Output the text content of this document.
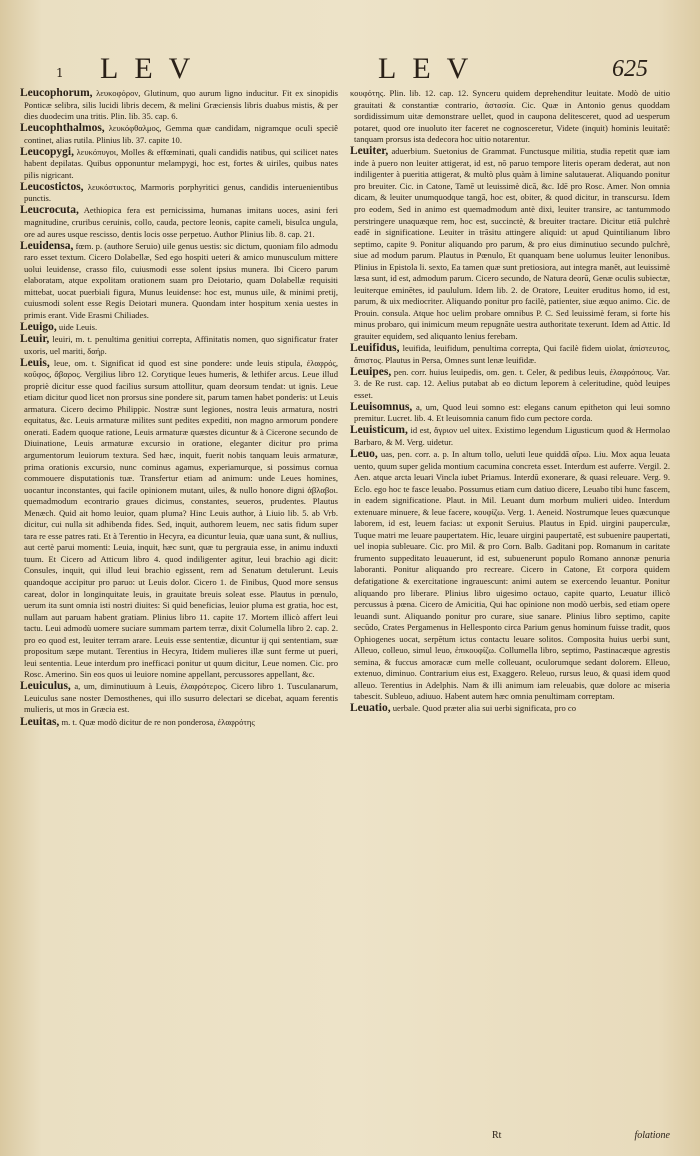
1 LEV	LEV	625

Leucophorum, λευκοφόρον, Glutinum, quo aurum ligno inducitur. Fit ex sinopidis Ponticæ selibra, silis lucidi libris decem, & melini Græciensis libris duabus mistis, & per dies duodecim una tritis. Plin. lib. 35. cap. 6.

Leucophthalmos, λευκόφθαλμος, Gemma quæ candidam, nigramque oculi speciê continet, alias rutila. Plinius lib. 37. capite 10.

Leucopygi, λευκόπυγοι, Molles & effœminati, quali candidis natibus, qui scilicet nates habent depilatas. Quibus opponuntur melampygi, hoc est, fortes & uiriles, quibus nates pilis nigricant.

Leucostictos, λευκόστικτος, Marmoris porphyritici genus, candidis interuenientibus punctis.

Leucrocuta, Aethiopica fera est pernicissima, humanas imitans uoces, asini feri magnitudine, cruribus ceruinis, collo, cauda, pectore leonis, capite cameli, bisulca ungula, ore ad aures usque rescisso, dentis locis osse perpetuo. Author Plinius lib. 8. cap. 21.

Leuidensa, fœm. p. (authore Seruio) uile genus uestis: sic dictum, quoniam filo admodu raro esset textum. Cicero Dolabellæ, Sed ego hospiti ueteri & amico munusculum mittere uolui leuidense, crasso filo, cuiusmodi esse solent ipsius munera. Ibi Cicero parum elaboratam, atque expolitam orationem suam pro Deiotario, quam Dolabellæ requisiti mittebat, uocat puerbiali figura, Munus leuidense: hoc est, munus uile, & minimi pretij, cuiusmodi solent esse Regis Deiotari munera. Quondam inter hospitum xenia uestes in primis erant. Vide Erasmi Chiliades.

Leuigo, uide Leuis.

Leuir, leuiri, m. t. penultima genitiui correpta, Affinitatis nomen, quo significatur frater uxoris, uel mariti, δαήρ.

Leuis, leue, om. t. Significat id quod est sine pondere: unde leuis stipula, ἐλαφρός, κοῦφος, ἄβαρος. Vergilius libro 12. Corytique leues humeris, & lethifer arcus. Leue illud propriè dicitur esse quod facilius sursum attollitur, quam deorsum tendat: ut ignis. Leue etiam dicitur quod licet non prorsus sine pondere sit, parum tamen habet ponderis: ut Leuis armatura. Cicero decimo Philippic. Nostræ sunt legiones, nostra leuis armatura, nostri equitatus, &c. Leuis armaturæ milites sunt pedites expediti, non magno armorum pondere onerati. Eadem quoque ratione, Leuis armaturæ quæstes dicuntur & à Cicerone secundo de Diuinatione, Leuis armaturæ excursio in oratione, eleganter dicitur pro prima argumentorum leuiorum textura. Sed hæc, inquit, fuerit nobis tanquam leuis armaturæ, prima orationis excursio, nunc cominus agamus, experiamurque, si possimus cornua commouere disputationis tuæ. Transfertur etiam ad animum: unde Leues homines, uocantur inconstantes, qui facile opinionem mutant, uiles, & nullo honore digni ἀβλαβοι. quemadmodum econtrario graues dicimus, constantes, seueros, prudentes. Plautus Menæch. Quid ait homo leuior, quam pluma? Hinc Leuis author, à Liuio lib. 5. ab Vrb. dicitur, cui nulla sit adhibenda fides. Sed, inquit, authorem leuem, nec satis fidum super tara re esse patres rati. Et à Terentio in Hecyra, ea dicuntur leuia, quæ uana sunt, & nullius, aut certè parui momenti: Leuia, inquit, hæc sunt, quæ tu pergrauia esse, in animu induxti tuum. Et Cicero ad Atticum libro 4. quod indiligenter agitur, leui brachio agi dicit: Consules, inquit, qui illud leui brachio egissent, rem ad Senatum detulerunt. Leuis quandoque accipitur pro paruo: ut Leuis dolor. Cicero 1. de Finibus, Quod more sensus careat, dolor in longinquitate leuis, in grauitate breuis soleat esse. Plautus in pœnulo, uerum ita sunt omnia isti nostri diuites: Si quid beneficias, leuior pluma est gratia, hoc est, nullam aut paruam habent gratiam. Plinius libro 11. capite 17. Mortem illicò affert leui tactu. Leui admodù uomere suciare summam partem terræ, dixit Columella libro 2. cap. 2. pro eo quod est, leuiter terram arare. Leuis esse sententiæ, dicuntur ij qui sententiam, suæ propositum sæpe mutant. Terentius in Hecyra, Itidem mulieres illæ sunt ferme ut pueri, leui sententia. Leue interdum pro inefficaci ponitur ut quum dicitur, Leue nomen. Cic. pro Rosc. Amerino. Sin eos quos ui leuiore nomine appellant, percussores appellant, &c.

Leuiculus, a, um, diminutiuum à Leuis, ἐλαφρότερος. Cicero libro 1. Tusculanarum, Leuiculus sane noster Demosthenes, qui illo susurro delectari se dicebat, aquam ferentis mulieris, ut mos in Græcia est.

Leuitas, m. t. Quæ modò dicitur de re non ponderosa, ἐλαφρότης

κουφότης. Plin. lib. 12. cap. 12. Synceru quidem deprehenditur leuitate. Modò de uitio grauitati & constantiæ contrario, ἀστασία. Cic. Quæ in Antonio genus quoddam sordidissimum uitæ demonstrare uellet, quod in caupona delitesceret, quod ad uesperum potaret, quod ore inuoluto iter faceret ne cognosceretur, Videte (inquit) hominis leuitatē: tanquam prorsus ista dedecora hoc uitio notarentur.

Leuiter, aduerbium. Suetonius de Grammat. Functusque militia, studia repetit quæ iam inde à puero non leuiter attigerat, id est, nō paruo tempore literis operam dederat, aut non indiligenter à pueritia attigerat, & multò plus quàm à limine salutauerat. Aliquando ponitur pro breuiter. Cic. in Catone, Tamē ut leuissimè dicā, &c. Idē pro Rosc. Amer. Non omnia dicam, & leuiter unumquodque tangā, hoc est, obiter, & quod dicitur, in transcursu. Idem pro eodem, Sed in animo est quemadmodum antè dixi, leuiter transire, ac tantummodo perstringere unaquæque rem, hoc est, succinctè, & breuiter tractare. Dicitur etiā pulchrè eadē in significatione. Leuiter in trāsitu attingere aliquid: ut apud Quintilianum libro septimo, capite 9. Ponitur aliquando pro parum, & pro eius diminutiuo secundo pulchrè, siue ad modum parum. Plautus in Pœnulo, Et quanquam bene uolumus leuiter lenonibus. Plinius in Epistola li. sexto, Ea tamen quæ sunt pretiosiora, aut integra manēt, aut leuissimè læsa sunt, id est, admodum parum. Cicero secundo, de Natura deorū, Genæ oculis subiectæ, leuiterque eminētes, id paululum. Idem lib. 2. de Oratore, Leuiter eruditus homo, id est, parum, & uix mediocriter. Aliquando ponitur pro facilè, patienter, siue æquo animo. Cic. de Prouin. consula. Atque hoc uelim probare omnibus P. C. Sed leuissimè feram, si forte his minus probaro, qui inimicum meum repugnāte uestra authoritate texerunt. Idem ad Attic. Id grauiter equidem, sed aliquanto lenius ferebam.

Leuifidus, leuifida, leuifidum, penultima correpta, Qui facilè fidem uiolat, ἀπίστευτος, ἄπιστος. Plautus in Persa, Omnes sunt lenæ leuifidæ.

Leuipes, pen. corr. huius leuipedis, om. gen. t. Celer, & pedibus leuis, ἐλαφρόπους. Var. 3. de Re rust. cap. 12. Aelius putabat ab eo dictum leporem à celeritudine, quòd leuipes esset.

Leuisomnus, a, um, Quod leui somno est: elegans canum epitheton qui leui somno premitur. Lucret. lib. 4. Et leuisomnia canum fido cum pectore corda.

Leuisticum, id est, ἄγριον uel uitex. Existimo legendum Ligusticum quod & Hermolao Barbaro, & M. Verg. uidetur.

Leuo, uas, pen. corr. a. p. In altum tollo, ueluti leue quiddā αἴρω. Liu. Mox aqua leuata uento, quum super gelida montium cacumina concreta esset. Interdum est auferre. Vergil. 2. Aen. atque arcta leuari Vincla iubet Priamus. Interdū exonerare, & quasi releuare. Verg. 9. Eclo. ego hoc te fasce leuabo. Possumus etiam cum datiuo dicere, Leuabo tibi hunc fascem, in eadem significatione. Plaut. in Mil. Leuant dum morbum mulieri uideo. Interdum extenuare minuere, & leue facere, κουφίζω. Verg. 1. Aeneid. Nostrumque leues quæcunque laborem, id est, leuem facias: ut exponit Seruius. Plautus in Epid. uirgini pauperculæ, Tuque matri me leuare paupertatem. Hic, leuare uirgini paupertatē, est subuenire paupertati, uel inopia subleuare. Cic. pro Mil. & pro Corn. Balb. Gaditani pop. Romanum in caritate frumento suppeditato leuauerunt, id est, subuenerunt populo Romano annonæ penuria laboranti. Ponitur aliquando pro recreare. Cicero in Catone, Et corpora quidem defatigatione & exercitatione ingrauescunt: animi autem se exercendo leuantur. Ponitur aliquando pro liberare. Plinius libro uigesimo octauo, capite quarto, Leuatur illicò percussus à pœna. Cicero de Amicitia, Qui hac opinione non modò uerbis, sed etiam opere leuandi sunt. Aliquando ponitur pro curare, siue sanare. Plinius libro septimo, capite secūdo, Crates Pergamenus in Hellesponto circa Parium genus hominum fuisse tradit, quos Ophiogenes uocat, serpētum ictus contactu leuare solitos. Composita huius uerbi sunt, Alleuo, colleuo, simul leuo, ἐπικουφίζω. Collumella libro, septimo, Pastinacæque agrestis semina, & fuccus amoracæ cum melle colleuant, oculorumque sedant dolorem. Elleuo, extenuo, diminuo. Contrarium eius est, Exaggero. Releuo, rursus leuo, & quasi idem quod alleuo. Terentius in Adelphis. Nam & illi animum iam releuabis, quæ dolore ac miseria tabescit. Subleuo, adiuuo. Habent autem hæc omnia penultimam correptam.

Leuatio, uerbale. Quod præter alia sui uerbi significata, pro co

Rt	folatione
